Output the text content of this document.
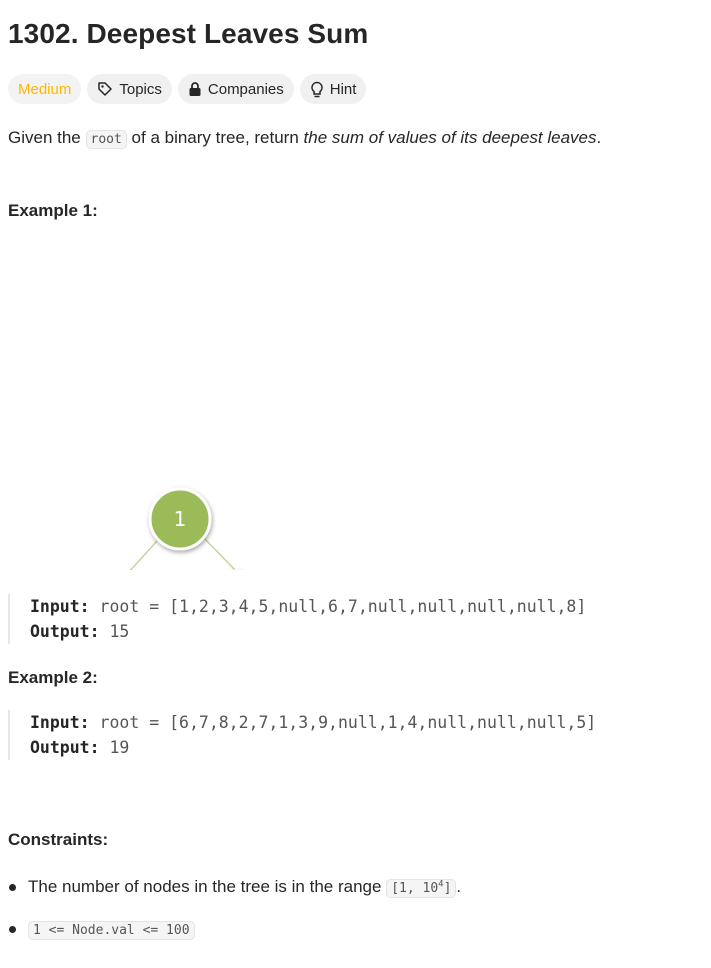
1302. Deepest Leaves Sum
Medium	Topics	Companies	Hint

Given the root of a binary tree, return the sum of values of its deepest leaves.

Example 1:
1
Input: root = [1,2,3,4,5,null,6,7,null,null,null,null,8]
Output: 15
Example 2:
Input: root = [6,7,8,2,7,1,3,9,null,1,4,null,null,null,5]
Output: 19
Constraints:
The number of nodes in the tree is in the range [1, $10^4$] .
1 <= Node.val <= 100
